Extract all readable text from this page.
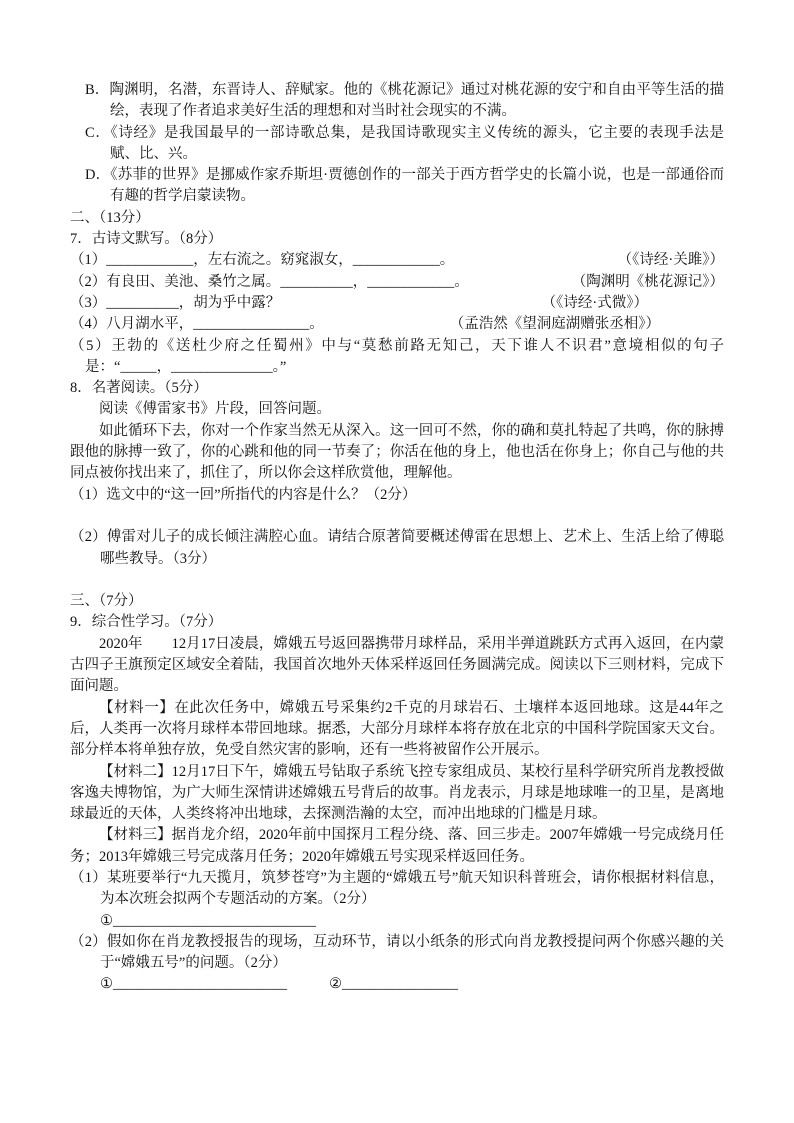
B．陶渊明，名潜，东晋诗人、辞赋家。他的《桃花源记》通过对桃花源的安宁和自由平等生活的描绘，表现了作者追求美好生活的理想和对当时社会现实的不满。

C．《诗经》是我国最早的一部诗歌总集，是我国诗歌现实主义传统的源头，它主要的表现手法是赋、比、兴。

D．《苏菲的世界》是挪威作家乔斯坦·贾德创作的一部关于西方哲学史的长篇小说，也是一部通俗而有趣的哲学启蒙读物。

二、（13分）

7．古诗文默写。（8分）

（1）____________，左右流之。窈窕淑女，____________。	（《诗经·关雎》）
（2）有良田、美池、桑竹之属。__________，____________。	（陶渊明《桃花源记》）
（3）__________，胡为乎中露？	（《诗经·式微》）
（4）八月湖水平，________________。	（孟浩然《望洞庭湖赠张丞相》）

（5）王勃的《送杜少府之任蜀州》中与“莫愁前路无知己，天下谁人不识君”意境相似的句子是：“_____，______________。”

8．名著阅读。（5分）

阅读《傅雷家书》片段，回答问题。

如此循环下去，你对一个作家当然无从深入。这一回可不然，你的确和莫扎特起了共鸣，你的脉搏跟他的脉搏一致了，你的心跳和他的同一节奏了；你活在他的身上，他也活在你身上；你自己与他的共同点被你找出来了，抓住了，所以你会这样欣赏他，理解他。

（1）选文中的“这一回”所指代的内容是什么？（2分）

（2）傅雷对儿子的成长倾注满腔心血。请结合原著简要概述傅雷在思想上、艺术上、生活上给了傅聪哪些教导。（3分）

三、（7分）

9．综合性学习。（7分）

2020年　　12月17日凌晨，嫦娥五号返回器携带月球样品，采用半弹道跳跃方式再入返回，在内蒙古四子王旗预定区域安全着陆，我国首次地外天体采样返回任务圆满完成。阅读以下三则材料，完成下面问题。

【材料一】在此次任务中，嫦娥五号采集约2千克的月球岩石、土壤样本返回地球。这是44年之后，人类再一次将月球样本带回地球。据悉，大部分月球样本将存放在北京的中国科学院国家天文台。部分样本将单独存放，免受自然灾害的影响，还有一些将被留作公开展示。

【材料二】12月17日下午，嫦娥五号钻取子系统飞控专家组成员、某校行星科学研究所肖龙教授做客逸夫博物馆，为广大师生深情讲述嫦娥五号背后的故事。肖龙表示，月球是地球唯一的卫星，是离地球最近的天体，人类终将冲出地球，去探测浩瀚的太空，而冲出地球的门槛是月球。

【材料三】据肖龙介绍，2020年前中国探月工程分绕、落、回三步走。2007年嫦娥一号完成绕月任务；2013年嫦娥三号完成落月任务；2020年嫦娥五号实现采样返回任务。

（1）某班要举行“九天揽月，筑梦苍穹”为主题的“嫦娥五号”航天知识科普班会，请你根据材料信息，为本次班会拟两个专题活动的方案。（2分）

①____________________________

（2）假如你在肖龙教授报告的现场，互动环节，请以小纸条的形式向肖龙教授提问两个你感兴趣的关于“嫦娥五号”的问题。（2分）

①________________________	②________________
